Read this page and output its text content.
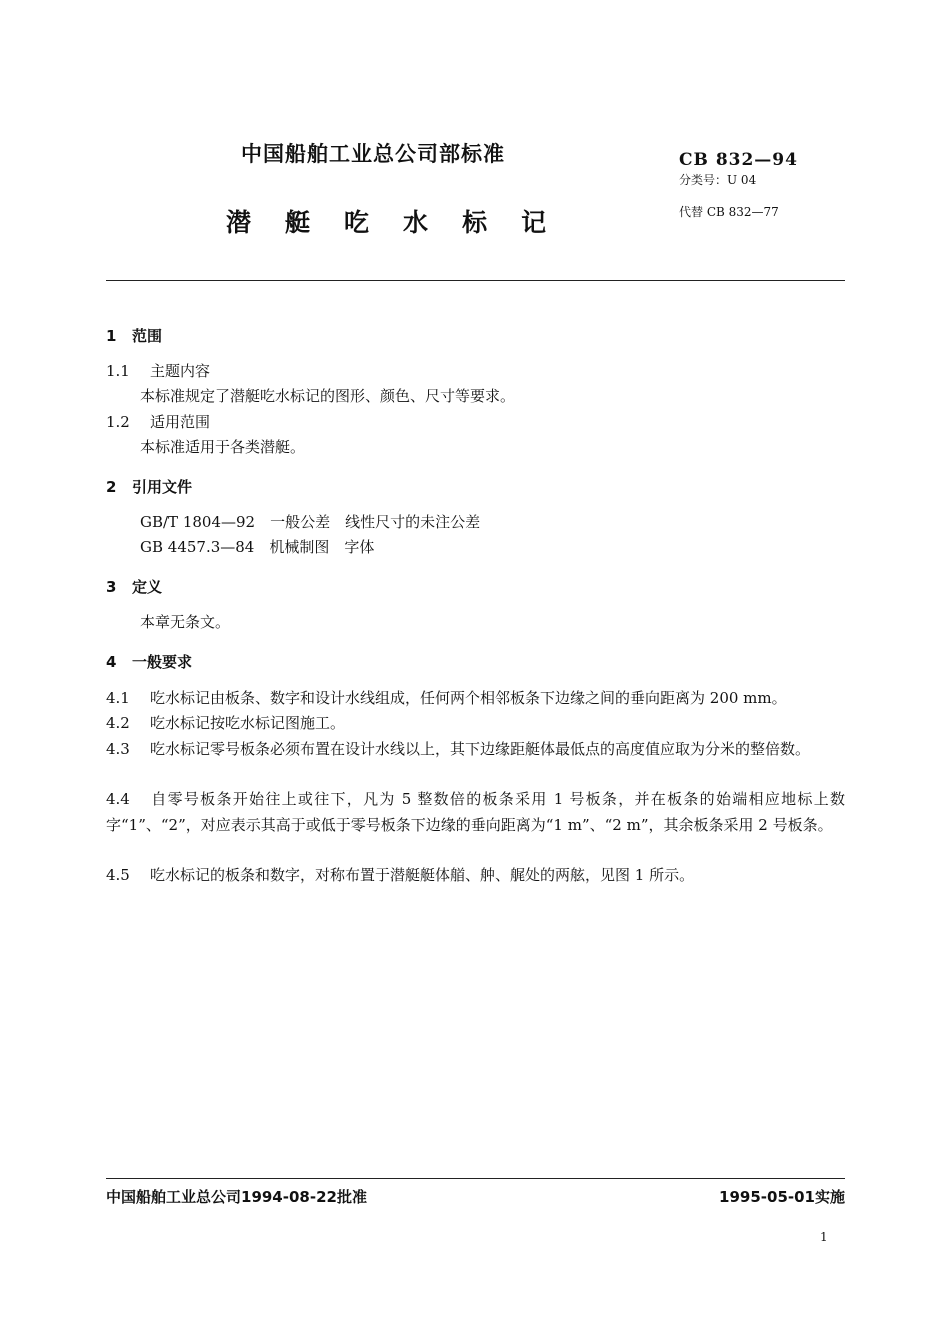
中国船舶工业总公司部标准
潜 艇 吃 水 标 记
CB 832—94
分类号：U 04
代替 CB 832—77
1 范围
1.1 主题内容
本标准规定了潜艇吃水标记的图形、颜色、尺寸等要求。
1.2 适用范围
本标准适用于各类潜艇。
2 引用文件
GB/T 1804—92　一般公差　线性尺寸的未注公差
GB 4457.3—84　机械制图　字体
3 定义
本章无条文。
4 一般要求
4.1 吃水标记由板条、数字和设计水线组成，任何两个相邻板条下边缘之间的垂向距离为 200 mm。
4.2 吃水标记按吃水标记图施工。
4.3 吃水标记零号板条必须布置在设计水线以上，其下边缘距艇体最低点的高度值应取为分米的整倍数。
4.4 自零号板条开始往上或往下，凡为 5 整数倍的板条采用 1 号板条，并在板条的始端相应地标上数字“1”、“2”，对应表示其高于或低于零号板条下边缘的垂向距离为“1 m”、“2 m”，其余板条采用 2 号板条。
4.5 吃水标记的板条和数字，对称布置于潜艇艇体艏、舯、艉处的两舷，见图 1 所示。
中国船舶工业总公司1994-08-22批准	1995-05-01实施
1
